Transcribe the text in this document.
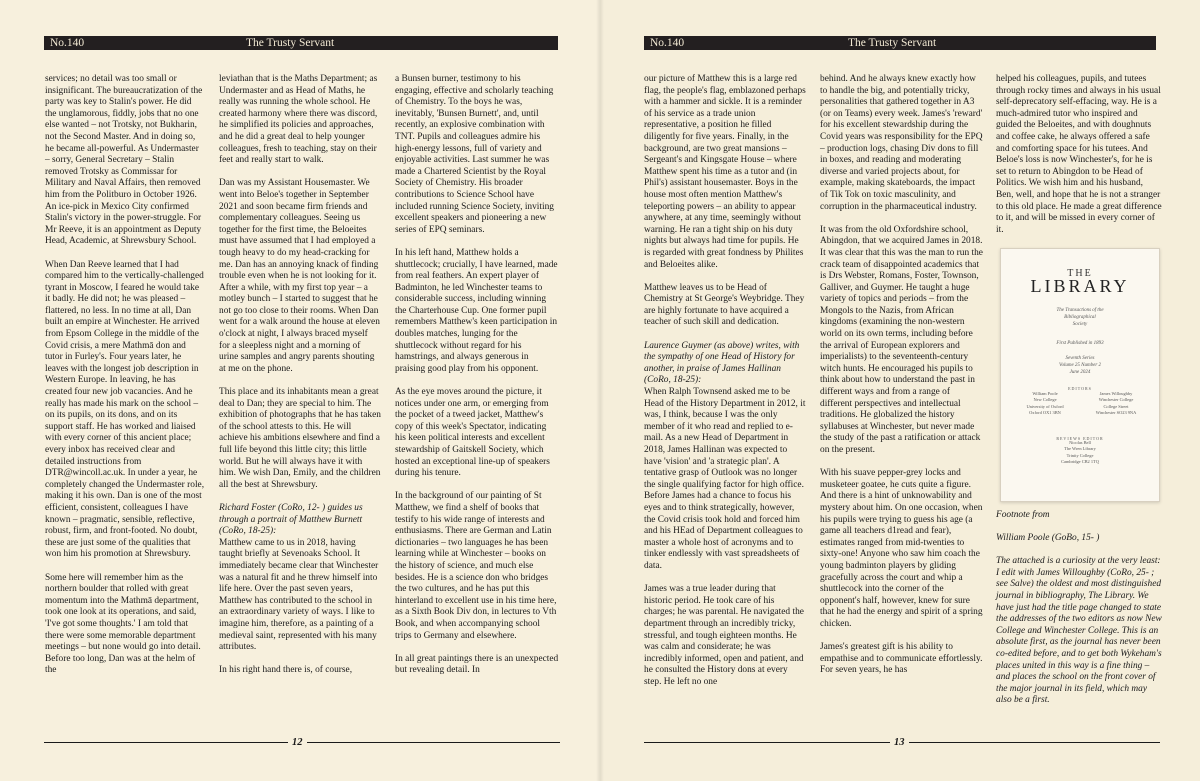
No.140	The Trusty Servant

services; no detail was too small or insignificant. The bureaucratization of the party was key to Stalin's power. He did the unglamorous, fiddly, jobs that no one else wanted – not Trotsky, not Bukharin, not the Second Master. And in doing so, he became all-powerful. As Undermaster – sorry, General Secretary – Stalin removed Trotsky as Commissar for Military and Naval Affairs, then removed him from the Politburo in October 1926. An ice-pick in Mexico City confirmed Stalin's victory in the power-struggle. For Mr Reeve, it is an appointment as Deputy Head, Academic, at Shrewsbury School.

When Dan Reeve learned that I had compared him to the vertically-challenged tyrant in Moscow, I feared he would take it badly. He did not; he was pleased – flattered, no less. In no time at all, Dan built an empire at Winchester. He arrived from Epsom College in the middle of the Covid crisis, a mere Mathmā don and tutor in Furley's. Four years later, he leaves with the longest job description in Western Europe. In leaving, he has created four new job vacancies. And he really has made his mark on the school – on its pupils, on its dons, and on its support staff. He has worked and liaised with every corner of this ancient place; every inbox has received clear and detailed instructions from DTR@wincoll.ac.uk. In under a year, he completely changed the Undermaster role, making it his own. Dan is one of the most efficient, consistent, colleagues I have known – pragmatic, sensible, reflective, robust, firm, and front-footed. No doubt, these are just some of the qualities that won him his promotion at Shrewsbury.

Some here will remember him as the northern boulder that rolled with great momentum into the Mathmā department, took one look at its operations, and said, 'I've got some thoughts.' I am told that there were some memorable department meetings – but none would go into detail. Before too long, Dan was at the helm of the

leviathan that is the Maths Department; as Undermaster and as Head of Maths, he really was running the whole school. He created harmony where there was discord, he simplified its policies and approaches, and he did a great deal to help younger colleagues, fresh to teaching, stay on their feet and really start to walk.

Dan was my Assistant Housemaster. We went into Beloe's together in September 2021 and soon became firm friends and complementary colleagues. Seeing us together for the first time, the Beloeites must have assumed that I had employed a tough heavy to do my head-cracking for me. Dan has an annoying knack of finding trouble even when he is not looking for it. After a while, with my first top year – a motley bunch – I started to suggest that he not go too close to their rooms. When Dan went for a walk around the house at eleven o'clock at night, I always braced myself for a sleepless night and a morning of urine samples and angry parents shouting at me on the phone.

This place and its inhabitants mean a great deal to Dan; they are special to him. The exhibition of photographs that he has taken of the school attests to this. He will achieve his ambitions elsewhere and find a full life beyond this little city; this little world. But he will always have it with him. We wish Dan, Emily, and the children all the best at Shrewsbury.

Richard Foster (CoRo, 12- ) guides us through a portrait of Matthew Burnett (CoRo, 18-25):

Matthew came to us in 2018, having taught briefly at Sevenoaks School. It immediately became clear that Winchester was a natural fit and he threw himself into life here. Over the past seven years, Matthew has contributed to the school in an extraordinary variety of ways. I like to imagine him, therefore, as a painting of a medieval saint, represented with his many attributes.

In his right hand there is, of course,

a Bunsen burner, testimony to his engaging, effective and scholarly teaching of Chemistry. To the boys he was, inevitably, 'Bunsen Burnett', and, until recently, an explosive combination with TNT. Pupils and colleagues admire his high-energy lessons, full of variety and enjoyable activities. Last summer he was made a Chartered Scientist by the Royal Society of Chemistry. His broader contributions to Science School have included running Science Society, inviting excellent speakers and pioneering a new series of EPQ seminars.

In his left hand, Matthew holds a shuttlecock; crucially, I have learned, made from real feathers. An expert player of Badminton, he led Winchester teams to considerable success, including winning the Charterhouse Cup. One former pupil remembers Matthew's keen participation in doubles matches, lunging for the shuttlecock without regard for his hamstrings, and always generous in praising good play from his opponent.

As the eye moves around the picture, it notices under one arm, or emerging from the pocket of a tweed jacket, Matthew's copy of this week's Spectator, indicating his keen political interests and excellent stewardship of Gaitskell Society, which hosted an exceptional line-up of speakers during his tenure.

In the background of our painting of St Matthew, we find a shelf of books that testify to his wide range of interests and enthusiasms. There are German and Latin dictionaries – two languages he has been learning while at Winchester – books on the history of science, and much else besides. He is a science don who bridges the two cultures, and he has put this hinterland to excellent use in his time here, as a Sixth Book Div don, in lectures to Vth Book, and when accompanying school trips to Germany and elsewhere.

In all great paintings there is an unexpected but revealing detail. In

12
No.140	The Trusty Servant

our picture of Matthew this is a large red flag, the people's flag, emblazoned perhaps with a hammer and sickle. It is a reminder of his service as a trade union representative, a position he filled diligently for five years. Finally, in the background, are two great mansions – Sergeant's and Kingsgate House – where Matthew spent his time as a tutor and (in Phil's) assistant housemaster. Boys in the house most often mention Matthew's teleporting powers – an ability to appear anywhere, at any time, seemingly without warning. He ran a tight ship on his duty nights but always had time for pupils. He is regarded with great fondness by Philites and Beloeites alike.

Matthew leaves us to be Head of Chemistry at St George's Weybridge. They are highly fortunate to have acquired a teacher of such skill and dedication.

Laurence Guymer (as above) writes, with the sympathy of one Head of History for another, in praise of James Hallinan (CoRo, 18-25):

When Ralph Townsend asked me to be Head of the History Department in 2012, it was, I think, because I was the only member of it who read and replied to e-mail. As a new Head of Department in 2018, James Hallinan was expected to have 'vision' and 'a strategic plan'. A tentative grasp of Outlook was no longer the single qualifying factor for high office. Before James had a chance to focus his eyes and to think strategically, however, the Covid crisis took hold and forced him and his HEad of Department colleagues to master a whole host of acronyms and to tinker endlessly with vast spreadsheets of data.

James was a true leader during that historic period. He took care of his charges; he was parental. He navigated the department through an incredibly tricky, stressful, and tough eighteen months. He was calm and considerate; he was incredibly informed, open and patient, and he consulted the History dons at every step. He left no one

behind. And he always knew exactly how to handle the big, and potentially tricky, personalities that gathered together in A3 (or on Teams) every week. James's 'reward' for his excellent stewardship during the Covid years was responsibility for the EPQ – production logs, chasing Div dons to fill in boxes, and reading and moderating diverse and varied projects about, for example, making skateboards, the impact of Tik Tok on toxic masculinity, and corruption in the pharmaceutical industry.

It was from the old Oxfordshire school, Abingdon, that we acquired James in 2018. It was clear that this was the man to run the crack team of disappointed academics that is Drs Webster, Romans, Foster, Townson, Galliver, and Guymer. He taught a huge variety of topics and periods – from the Mongols to the Nazis, from African kingdoms (examining the non-western world on its own terms, including before the arrival of European explorers and imperialists) to the seventeenth-century witch hunts. He encouraged his pupils to think about how to understand the past in different ways and from a range of different perspectives and intellectual traditions. He globalized the history syllabuses at Winchester, but never made the study of the past a ratification or attack on the present.

With his suave pepper-grey locks and musketeer goatee, he cuts quite a figure. And there is a hint of unknowability and mystery about him. On one occasion, when his pupils were trying to guess his age (a game all teachers d1read and fear), estimates ranged from mid-twenties to sixty-one! Anyone who saw him coach the young badminton players by gliding gracefully across the court and whip a shuttlecock into the corner of the opponent's half, however, knew for sure that he had the energy and spirit of a spring chicken.

James's greatest gift is his ability to empathise and to communicate effortlessly. For seven years, he has

helped his colleagues, pupils, and tutees through rocky times and always in his usual self-deprecatory self-effacing, way. He is a much-admired tutor who inspired and guided the Beloeites, and with doughnuts and coffee cake, he always offered a safe and comforting space for his tutees. And Beloe's loss is now Winchester's, for he is set to return to Abingdon to be Head of Politics. We wish him and his husband, Ben, well, and hope that he is not a stranger to this old place. He made a great difference to it, and will be missed in every corner of it.

THE
LIBRARY
The Transactions of the
Bibliographical
Society
First Published in 1893
Seventh Series
Volume 25 Number 2
June 2024
EDITORS
William Poole
New College
University of Oxford
Oxford OX1 3BN
James Willoughby
Winchester College
College Street
Winchester SO23 9NA
REVIEWS EDITOR
Nicolas Bell
The Wren Library
Trinity College
Cambridge CB2 1TQ

Footnote from

William Poole (GoBo, 15- )

The attached is a curiosity at the very least: I edit with James Willoughby (CoRo, 25- ; see Salve) the oldest and most distinguished journal in bibliography, The Library. We have just had the title page changed to state the addresses of the two editors as now New College and Winchester College. This is an absolute first, as the journal has never been co-edited before, and to get both Wykeham's places united in this way is a fine thing – and places the school on the front cover of the major journal in its field, which may also be a first.

13
